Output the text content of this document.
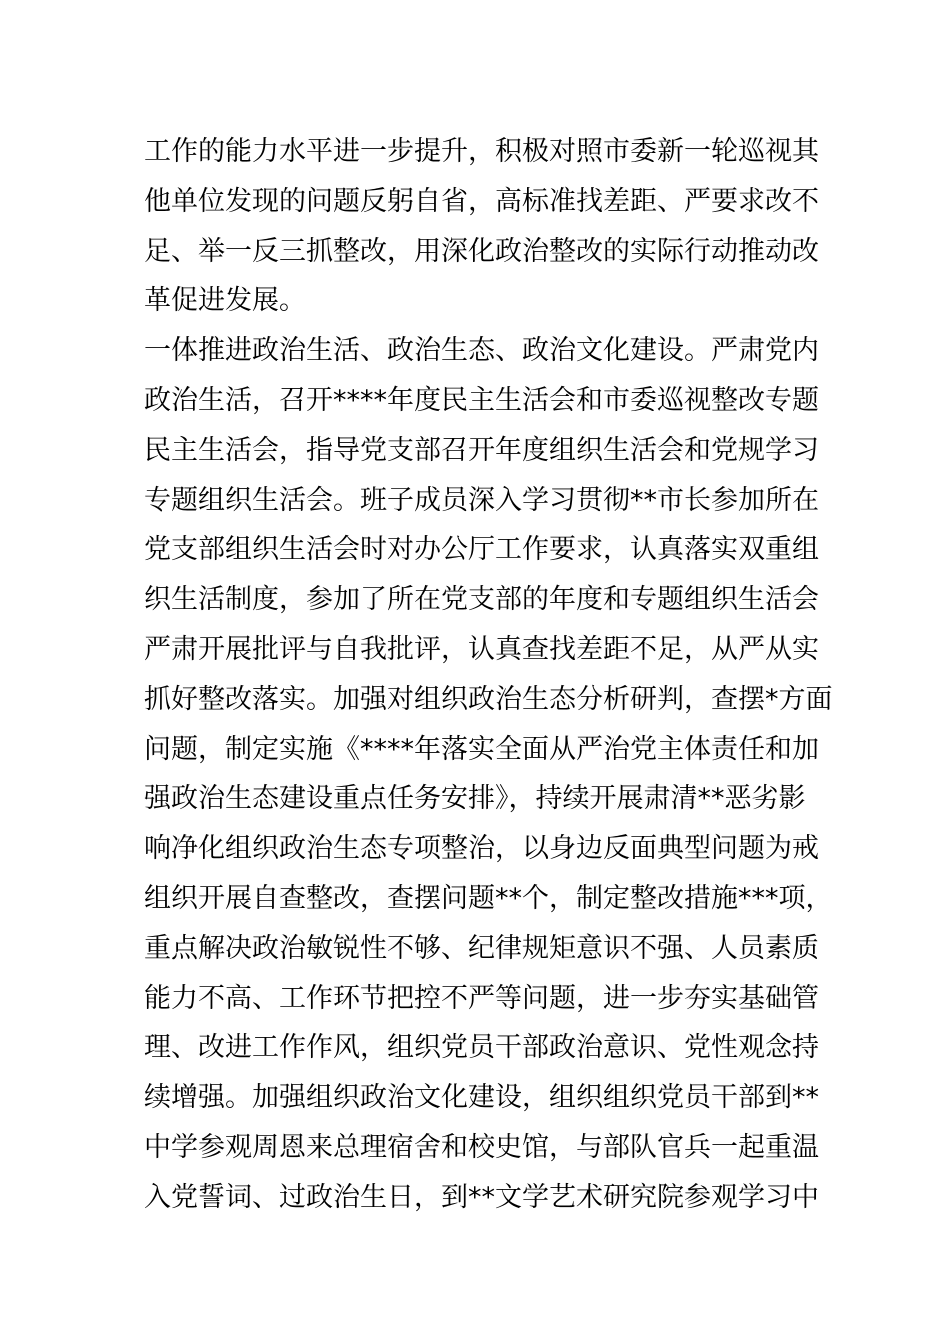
工作的能力水平进一步提升，积极对照市委新一轮巡视其
他单位发现的问题反躬自省，高标准找差距、严要求改不
足、举一反三抓整改，用深化政治整改的实际行动推动改
革促进发展。
一体推进政治生活、政治生态、政治文化建设。严肃党内
政治生活，召开****年度民主生活会和市委巡视整改专题
民主生活会，指导党支部召开年度组织生活会和党规学习
专题组织生活会。班子成员深入学习贯彻**市长参加所在
党支部组织生活会时对办公厅工作要求，认真落实双重组
织生活制度，参加了所在党支部的年度和专题组织生活会
严肃开展批评与自我批评，认真查找差距不足，从严从实
抓好整改落实。加强对组织政治生态分析研判，查摆*方面
问题，制定实施《****年落实全面从严治党主体责任和加
强政治生态建设重点任务安排》，持续开展肃清**恶劣影
响净化组织政治生态专项整治，以身边反面典型问题为戒
组织开展自查整改，查摆问题**个，制定整改措施***项，
重点解决政治敏锐性不够、纪律规矩意识不强、人员素质
能力不高、工作环节把控不严等问题，进一步夯实基础管
理、改进工作作风，组织党员干部政治意识、党性观念持
续增强。加强组织政治文化建设，组织组织党员干部到**
中学参观周恩来总理宿舍和校史馆，与部队官兵一起重温
入党誓词、过政治生日，到**文学艺术研究院参观学习中
